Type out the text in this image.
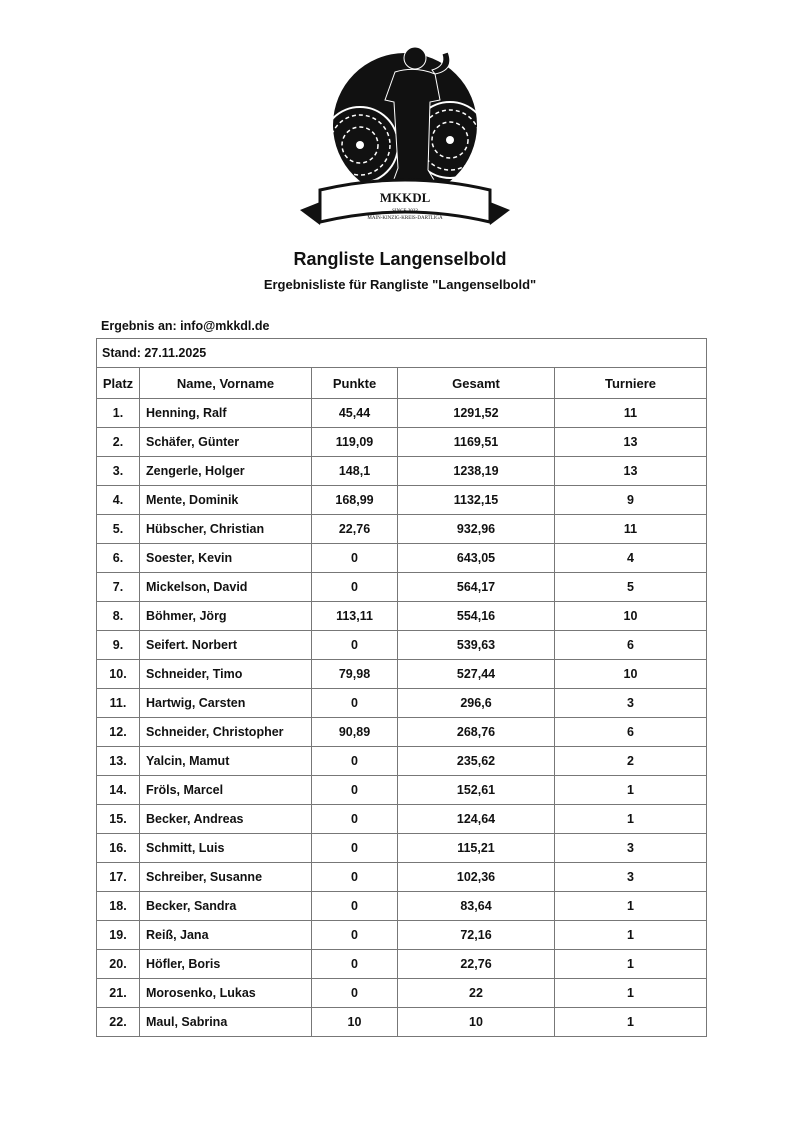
MKKDL
SINCE 2023
MAIN-KINZIG-KREIS-DARTLIGA
Rangliste Langenselbold
Ergebnisliste für Rangliste "Langenselbold"
Ergebnis an: info@mkkdl.de
Stand: 27.11.2025				
Platz	Name, Vorname	Punkte	Gesamt	Turniere
1.	Henning, Ralf	45,44	1291,52	11
2.	Schäfer, Günter	119,09	1169,51	13
3.	Zengerle, Holger	148,1	1238,19	13
4.	Mente, Dominik	168,99	1132,15	9
5.	Hübscher, Christian	22,76	932,96	11
6.	Soester, Kevin	0	643,05	4
7.	Mickelson, David	0	564,17	5
8.	Böhmer, Jörg	113,11	554,16	10
9.	Seifert. Norbert	0	539,63	6
10.	Schneider, Timo	79,98	527,44	10
11.	Hartwig, Carsten	0	296,6	3
12.	Schneider, Christopher	90,89	268,76	6
13.	Yalcin, Mamut	0	235,62	2
14.	Fröls, Marcel	0	152,61	1
15.	Becker, Andreas	0	124,64	1
16.	Schmitt, Luis	0	115,21	3
17.	Schreiber, Susanne	0	102,36	3
18.	Becker, Sandra	0	83,64	1
19.	Reiß, Jana	0	72,16	1
20.	Höfler, Boris	0	22,76	1
21.	Morosenko, Lukas	0	22	1
22.	Maul, Sabrina	10	10	1
